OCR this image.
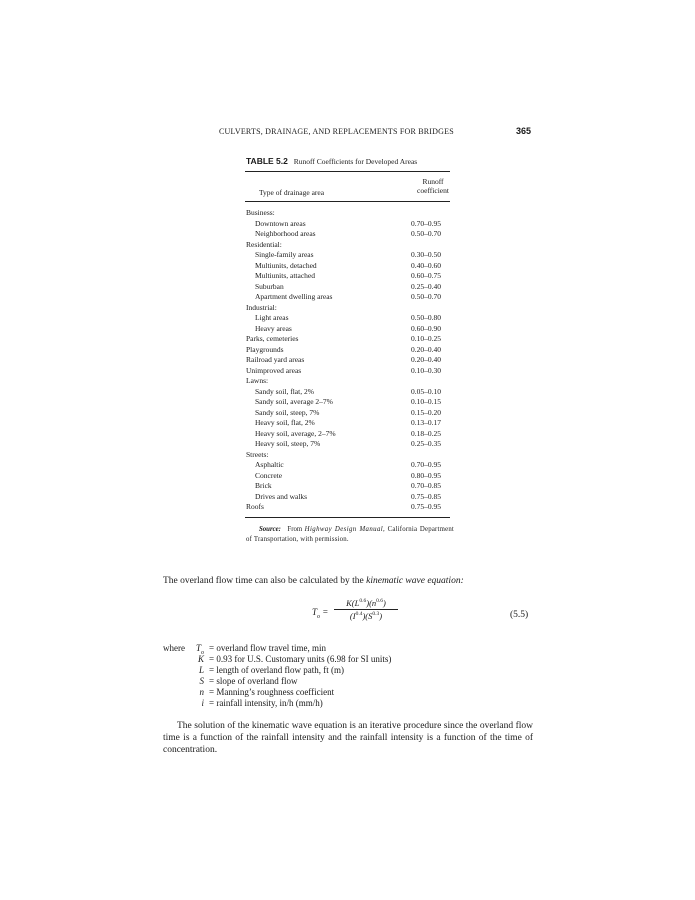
CULVERTS, DRAINAGE, AND REPLACEMENTS FOR BRIDGES	365
TABLE 5.2 Runoff Coefficients for Developed Areas
Type of drainage area
Runoff
coefficient
Business:
Downtown areas	0.70–0.95
Neighborhood areas	0.50–0.70
Residential:
Single-family areas	0.30–0.50
Multiunits, detached	0.40–0.60
Multiunits, attached	0.60–0.75
Suburban	0.25–0.40
Apartment dwelling areas	0.50–0.70
Industrial:
Light areas	0.50–0.80
Heavy areas	0.60–0.90
Parks, cemeteries	0.10–0.25
Playgrounds	0.20–0.40
Railroad yard areas	0.20–0.40
Unimproved areas	0.10–0.30
Lawns:
Sandy soil, flat, 2%	0.05–0.10
Sandy soil, average 2–7%	0.10–0.15
Sandy soil, steep, 7%	0.15–0.20
Heavy soil, flat, 2%	0.13–0.17
Heavy soil, average, 2–7%	0.18–0.25
Heavy soil, steep, 7%	0.25–0.35
Streets:
Asphaltic	0.70–0.95
Concrete	0.80–0.95
Brick	0.70–0.85
Drives and walks	0.75–0.85
Roofs	0.75–0.95
Source: From Highway Design Manual, California Department of Transportation, with permission.
The overland flow time can also be calculated by the kinematic wave equation:
$T_o = \frac{K(L^{0.6})(n^{0.6})}{(I^{0.4})(S^{0.3})}$	(5.5)
where	$T_o$ = overland flow travel time, min
K = 0.93 for U.S. Customary units (6.98 for SI units)
L = length of overland flow path, ft (m)
S = slope of overland flow
n = Manning’s roughness coefficient
i = rainfall intensity, in/h (mm/h)

The solution of the kinematic wave equation is an iterative procedure since the overland flow time is a function of the rainfall intensity and the rainfall intensity is a function of the time of concentration.
